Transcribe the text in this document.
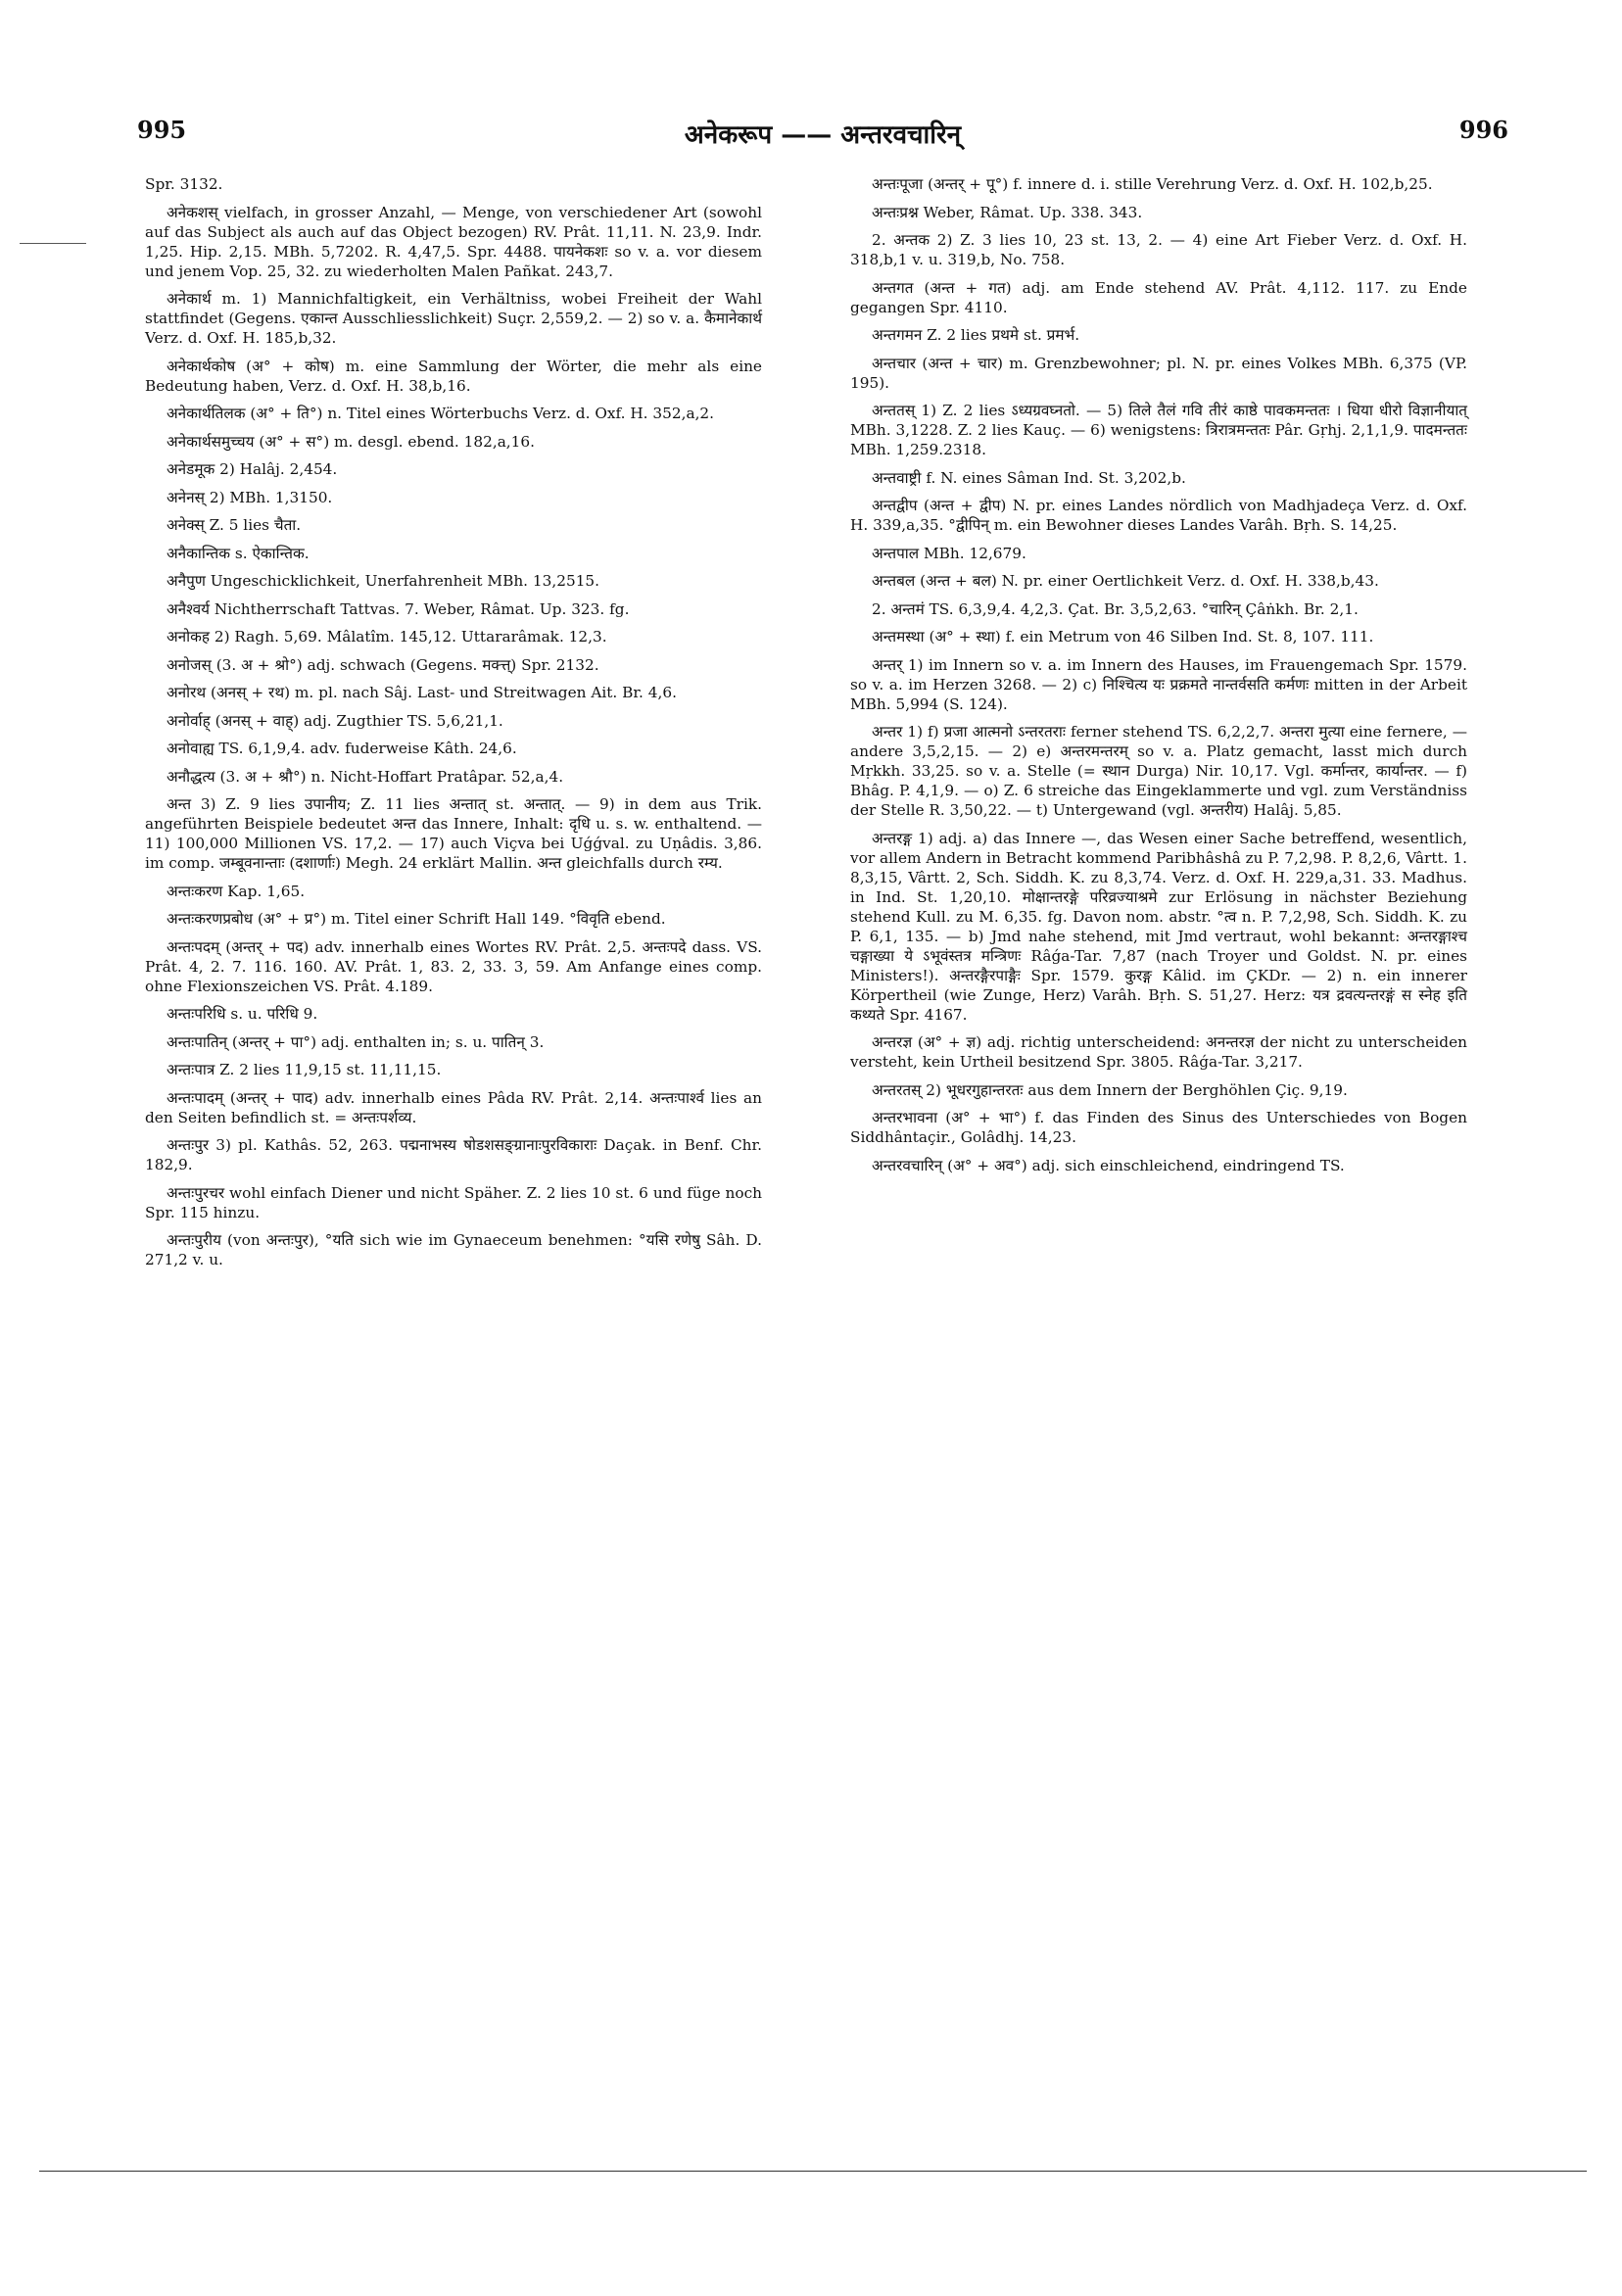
995	अनेकरूप —— अन्तरवचारिन्	996

Spr. 3132.

अनेकशस् vielfach, in grosser Anzahl, — Menge, von verschiedener Art (sowohl auf das Subject als auch auf das Object bezogen) RV. Prât. 11,11. N. 23,9. Indr. 1,25. Hip. 2,15. MBh. 5,7202. R. 4,47,5. Spr. 4488. पायनेकशः so v. a. vor diesem und jenem Vop. 25, 32. zu wiederholten Malen Pañkat. 243,7.

अनेकार्थ m. 1) Mannichfaltigkeit, ein Verhältniss, wobei Freiheit der Wahl stattfindet (Gegens. एकान्त Ausschliesslichkeit) Suçr. 2,559,2. — 2) so v. a. कैमानेकार्थ Verz. d. Oxf. H. 185,b,32.

अनेकार्थकोष (अ° + कोष) m. eine Sammlung der Wörter, die mehr als eine Bedeutung haben, Verz. d. Oxf. H. 38,b,16.

अनेकार्थतिलक (अ° + ति°) n. Titel eines Wörterbuchs Verz. d. Oxf. H. 352,a,2.

अनेकार्थसमुच्चय (अ° + स°) m. desgl. ebend. 182,a,16.

अनेडमूक 2) Halâj. 2,454.

अनेनस् 2) MBh. 1,3150.

अनेक्स् Z. 5 lies चैता.

अनैकान्तिक s. ऐकान्तिक.

अनैपुण Ungeschicklichkeit, Unerfahrenheit MBh. 13,2515.

अनैश्वर्य Nichtherrschaft Tattvas. 7. Weber, Râmat. Up. 323. fg.

अनोकह 2) Ragh. 5,69. Mâlatîm. 145,12. Uttararâmak. 12,3.

अनोजस् (3. अ + श्रो°) adj. schwach (Gegens. मक्त्त्) Spr. 2132.

अनोरथ (अनस् + रथ) m. pl. nach Sâj. Last- und Streitwagen Ait. Br. 4,6.

अनोर्वाह् (अनस् + वाह्) adj. Zugthier TS. 5,6,21,1.

अनोवाह्य TS. 6,1,9,4. adv. fuderweise Kâth. 24,6.

अनौद्धत्य (3. अ + श्रौ°) n. Nicht-Hoffart Pratâpar. 52,a,4.

अन्त 3) Z. 9 lies उपानीय; Z. 11 lies अन्तात् st. अन्तात्. — 9) in dem aus Trik. angeführten Beispiele bedeutet अन्त das Innere, Inhalt: दृधि u. s. w. enthaltend. — 11) 100,000 Millionen VS. 17,2. — 17) auch Viçva bei Uǵǵval. zu Uṇâdis. 3,86. im comp. जम्बूवनान्ताः (दशार्णाः) Megh. 24 erklärt Mallin. अन्त gleichfalls durch रम्य.

अन्तःकरण Kap. 1,65.

अन्तःकरणप्रबोध (अ° + प्र°) m. Titel einer Schrift Hall 149. °विवृति ebend.

अन्तःपदम् (अन्तर् + पद) adv. innerhalb eines Wortes RV. Prât. 2,5. अन्तःपदे dass. VS. Prât. 4, 2. 7. 116. 160. AV. Prât. 1, 83. 2, 33. 3, 59. Am Anfange eines comp. ohne Flexionszeichen VS. Prât. 4.189.

अन्तःपरिधि s. u. परिधि 9.

अन्तःपातिन् (अन्तर् + पा°) adj. enthalten in; s. u. पातिन् 3.

अन्तःपात्र Z. 2 lies 11,9,15 st. 11,11,15.

अन्तःपादम् (अन्तर् + पाद) adv. innerhalb eines Pâda RV. Prât. 2,14. अन्तःपार्श्व lies an den Seiten befindlich st. = अन्तःपर्शव्य.

अन्तःपुर 3) pl. Kathâs. 52, 263. पद्मनाभस्य षोडशसङ्ग्रानाःपुरविकाराः Daçak. in Benf. Chr. 182,9.

अन्तःपुरचर wohl einfach Diener und nicht Späher. Z. 2 lies 10 st. 6 und füge noch Spr. 115 hinzu.

अन्तःपुरीय (von अन्तःपुर), °यति sich wie im Gynaeceum benehmen: °यसि रणेषु Sâh. D. 271,2 v. u.

अन्तःपूजा (अन्तर् + पू°) f. innere d. i. stille Verehrung Verz. d. Oxf. H. 102,b,25.

अन्तःप्रश्न Weber, Râmat. Up. 338. 343.

2. अन्तक 2) Z. 3 lies 10, 23 st. 13, 2. — 4) eine Art Fieber Verz. d. Oxf. H. 318,b,1 v. u. 319,b, No. 758.

अन्तगत (अन्त + गत) adj. am Ende stehend AV. Prât. 4,112. 117. zu Ende gegangen Spr. 4110.

अन्तगमन Z. 2 lies प्रथमे st. प्रमर्भ.

अन्तचार (अन्त + चार) m. Grenzbewohner; pl. N. pr. eines Volkes MBh. 6,375 (VP. 195).

अन्ततस् 1) Z. 2 lies ऽध्यग्रवघ्नतो. — 5) तिले तैलं गवि तीरं काष्ठे पावकमन्ततः । धिया धीरो विज्ञानीयात् MBh. 3,1228. Z. 2 lies Kauç. — 6) wenigstens: त्रिरात्रमन्ततः Pâr. Gṛhj. 2,1,1,9. पादमन्ततः MBh. 1,259.2318.

अन्तवाष्ट्री f. N. eines Sâman Ind. St. 3,202,b.

अन्तद्वीप (अन्त + द्वीप) N. pr. eines Landes nördlich von Madhjadeça Verz. d. Oxf. H. 339,a,35. °द्वीपिन् m. ein Bewohner dieses Landes Varâh. Bṛh. S. 14,25.

अन्तपाल MBh. 12,679.

अन्तबल (अन्त + बल) N. pr. einer Oertlichkeit Verz. d. Oxf. H. 338,b,43.

2. अन्तमं TS. 6,3,9,4. 4,2,3. Çat. Br. 3,5,2,63. °चारिन् Çâṅkh. Br. 2,1.

अन्तमस्था (अ° + स्था) f. ein Metrum von 46 Silben Ind. St. 8, 107. 111.

अन्तर् 1) im Innern so v. a. im Innern des Hauses, im Frauengemach Spr. 1579. so v. a. im Herzen 3268. — 2) c) निश्चित्य यः प्रक्रमते नान्तर्वसति कर्मणः mitten in der Arbeit MBh. 5,994 (S. 124).

अन्तर 1) f) प्रजा आत्मनो ऽन्तरतराः ferner stehend TS. 6,2,2,7. अन्तरा मुत्या eine fernere, — andere 3,5,2,15. — 2) e) अन्तरमन्तरम् so v. a. Platz gemacht, lasst mich durch Mṛkkh. 33,25. so v. a. Stelle (= स्थान Durga) Nir. 10,17. Vgl. कर्मान्तर, कार्यान्तर. — f) Bhâg. P. 4,1,9. — o) Z. 6 streiche das Eingeklammerte und vgl. zum Verständniss der Stelle R. 3,50,22. — t) Untergewand (vgl. अन्तरीय) Halâj. 5,85.

अन्तरङ्ग 1) adj. a) das Innere —, das Wesen einer Sache betreffend, wesentlich, vor allem Andern in Betracht kommend Paribhâshâ zu P. 7,2,98. P. 8,2,6, Vârtt. 1. 8,3,15, Vârtt. 2, Sch. Siddh. K. zu 8,3,74. Verz. d. Oxf. H. 229,a,31. 33. Madhus. in Ind. St. 1,20,10. मोक्षान्तरङ्गे परिव्रज्याश्रमे zur Erlösung in nächster Beziehung stehend Kull. zu M. 6,35. fg. Davon nom. abstr. °त्व n. P. 7,2,98, Sch. Siddh. K. zu P. 6,1, 135. — b) Jmd nahe stehend, mit Jmd vertraut, wohl bekannt: अन्तरङ्गाश्च चङ्गाख्या ये ऽभूवंस्तत्र मन्त्रिणः Râǵa-Tar. 7,87 (nach Troyer und Goldst. N. pr. eines Ministers!). अन्तरङ्गैरपाङ्गैः Spr. 1579. कुरङ्ग Kâlid. im ÇKDr. — 2) n. ein innerer Körpertheil (wie Zunge, Herz) Varâh. Bṛh. S. 51,27. Herz: यत्र द्रवत्यन्तरङ्गं स स्नेह इति कथ्यते Spr. 4167.

अन्तरज्ञ (अ° + ज्ञ) adj. richtig unterscheidend: अनन्तरज्ञ der nicht zu unterscheiden versteht, kein Urtheil besitzend Spr. 3805. Râǵa-Tar. 3,217.

अन्तरतस् 2) भूधरगुहान्तरतः aus dem Innern der Berghöhlen Çiç. 9,19.

अन्तरभावना (अ° + भा°) f. das Finden des Sinus des Unterschiedes von Bogen Siddhântaçir., Golâdhj. 14,23.

अन्तरवचारिन् (अ° + अव°) adj. sich einschleichend, eindringend TS.
